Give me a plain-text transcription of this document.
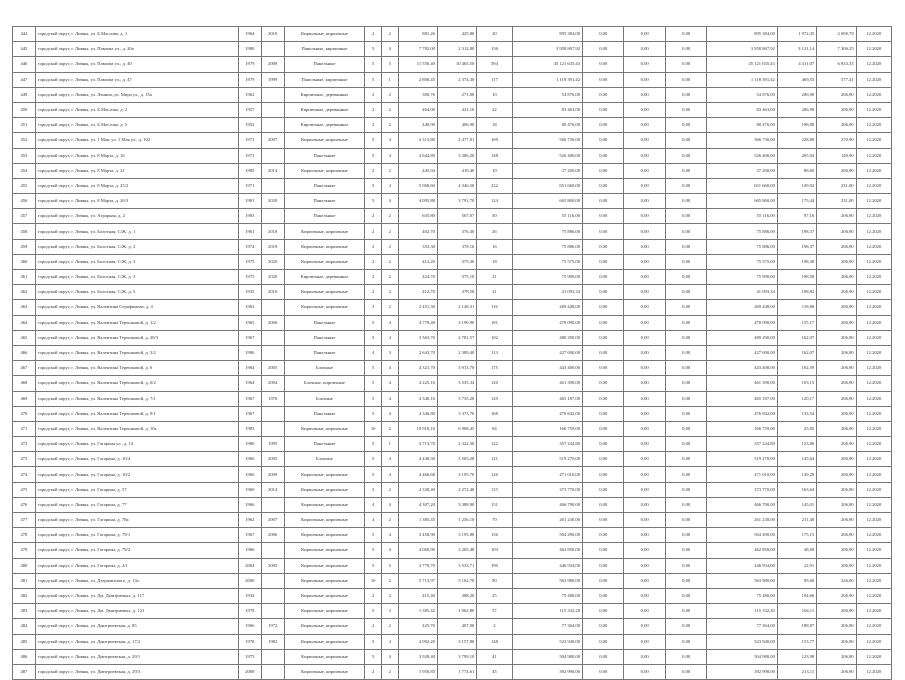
444	городской округ, г. Ливны, ул. Б.Маслова, д. 1	1964	2010	Кирпичные, кирпичные	2	2	881,26	425,80	20	895 384,00	0,00	0,00	0,00	895 384,00	1 972,45	2 690,78	12.2020
445	городской округ, г. Ливны, ул. Павлова ул., д. 20а	1980		Панельные, кирпичные	5	4	7 782,00	2 312,80	156	3 958 867,92	0,00	0,00	0,00	3 958 867,92	3 121,14	7 306,25	12.2020
446	городской округ, г. Ливны, ул. Павлова ул., д. 40	1979	2009	Панельные	5	5	11 550,40	10 465,50	394	45 121 635,43	0,00	0,00	0,00	45 121 635,43	4 411,07	6 833,35	12.2020
447	городской округ, г. Ливны, ул. Павлова ул., д. 47	1979	1999	Панельные, кирпичные	5	1	2 800,45	2 374,30	117	1 118 391,42	0,00	0,00	0,00	1 118 391,42	469,53	577,41	12.2020
449	городской округ, г. Ливны, ул. Ленина, ул. Мира ул., д. 35а	1962		Кирпичные, деревянные	2	2	300,76	271,00	10	54 876,00	0,00	0,00	0,00	54 876,00	206,90	206,90	12.2020
450	городской округ, г. Ливны, ул. Б.Маслова, д. 2	1957		Кирпичные, деревянные	2	2	464,00	421,10	22	83 463,00	0,00	0,00	0,00	83 463,00	206,90	206,90	12.2020
451	городской округ, г. Ливны, ул. Б.Маслова, д. 5	1952		Кирпичные, деревянные	2	2	448,90	406,90	18	80 476,00	0,00	0,00	0,00	80 476,00	198,08	206,90	12.2020
452	городской округ, г. Ливны, ул. 1 Мая, ул. 1 Мая ул., д. 102	1971	2007	Кирпичные, кирпичные	5	4	3 313,80	2 477,01	169	566 730,00	0,00	0,00	0,00	566 730,00	228,80	270,90	12.2020
453	городской округ, г. Ливны, ул. 8 Марта, д. 16	1971		Панельные	5	4	4 644,89	3 386,20	148	526 400,00	0,00	0,00	0,00	526 400,00	205,94	149,90	12.2020
454	городской округ, г. Ливны, ул. 8 Марта, д. 21	1985	2014	Кирпичные, кирпичные	2	2	445,94	419,40	19	37 200,00	0,00	0,00	0,00	37 200,00	88,60	206,90	12.2020
455	городской округ, г. Ливны, ул. 8 Марта, д. 25/2	1971		Панельные	5	4	5 068,60	4 346,50	222	651 660,00	0,00	0,00	0,00	651 660,00	149,92	231,00	12.2020
456	городской округ, г. Ливны, ул. 8 Марта, д. 26/3	1981	2020	Панельные	5	4	4 095,88	3 791,70	124	665 860,00	0,00	0,00	0,00	665 860,00	175,44	231,00	12.2020
457	городской округ, г. Ливны, ул. Аграрная, д. 2	1983		Панельные	2	2	635,80	567,07	30	55 116,00	0,00	0,00	0,00	55 116,00	97,16	206,90	12.2020
458	городской округ, г. Ливны, ул. Болотная, С/Ж, д. 1	1961	2018	Кирпичные, кирпичные	2	2	402,70	376,40	26	75 886,00	0,00	0,00	0,00	75 886,00	198,37	206,90	12.2020
459	городской округ, г. Ливны, ул. Болотная, С/Ж, д. 2	1974	2018	Кирпичные, кирпичные	2	2	353,30	378,16	16	75 886,00	0,00	0,00	0,00	75 886,00	198,37	206,90	12.2020
460	городской округ, г. Ливны, ул. Болотная, С/Ж, д. 3	1975	2020	Кирпичные, кирпичные	2	2	412,20	375,30	18	75 575,00	0,00	0,00	0,00	75 575,00	198,30	206,90	12.2020
461	городской округ, г. Ливны, ул. Болотная, С/Ж, д. 3	1975	2020	Кирпичные, деревянные	2	2	424,70	375,10	21	75 990,00	0,00	0,00	0,00	75 990,00	198,58	206,90	12.2020
462	городской округ, г. Ливны, ул. Болотная, С/Ж, д. 5	1935	2016	Кирпичные, кирпичные	2	2	412,70	378,58	21	41 093,34	0,00	0,00	0,00	41 093,34	108,82	206,90	12.2020
463	городской округ, г. Ливны, ул. Валентина Серафимова, д. 4	1963		Кирпичные, кирпичные	3	2	2 451,30	2 148,31	116	269 448,00	0,00	0,00	0,00	269 448,00	118,80	206,90	12.2020
464	городской округ, г. Ливны, ул. Валентина Терешковой, д. 1/2	1965	2006	Панельные	5	4	4 778,40	3 190,90	181	478 090,00	0,00	0,00	0,00	478 090,00	155,17	206,90	12.2020
465	городской округ, г. Ливны, ул. Валентина Терешковой, д. 28/3	1967		Панельные	5	4	3 563,70	2 781,57	102	480 290,00	0,00	0,00	0,00	480 290,00	162,07	206,90	12.2020
466	городской округ, г. Ливны, ул. Валентина Терешковой, д. 3/2	1986		Панельные	4	3	2 643,70	2 389,40	113	427 690,00	0,00	0,00	0,00	427 690,00	162,07	206,90	12.2020
467	городской округ, г. Ливны, ул. Валентина Терешковой, д. 6	1964	2005	Блочные	5	4	4 321,70	3 913,70	175	443 400,00	0,00	0,00	0,00	443 400,00	102,59	206,90	12.2020
468	городской округ, г. Ливны, ул. Валентина Терешковой, д. 6/2	1964	2004	Блочные, кирпичные	5	4	4 225,10	3 535,34	120	461 390,00	0,00	0,00	0,00	461 390,00	103,15	206,90	12.2020
469	городской округ, г. Ливны, ул. Валентина Терешковой, д. 7/1	1967	1976	Блочные	5	4	4 340,10	3 735,20	129	465 187,00	0,00	0,00	0,00	465 187,00	120,17	206,90	12.2020
470	городской округ, г. Ливны, ул. Валентина Терешковой, д. 9/1	1967		Панельные	5	4	4 346,80	3 373,70	168	476 842,00	0,00	0,00	0,00	476 842,00	133,54	206,90	12.2020
471	городской округ, г. Ливны, ул. Валентина Терешковой, д. 10а	1983		Кирпичные, кирпичные	10	2	10 918,10	6 968,45	84	166 759,00	0,00	0,00	0,00	166 759,00	25,85	206,90	12.2020
472	городской округ, г. Ливны, ул. Гагарина ул., д. 14	1980	1995	Панельные	5	1	3 713,70	2 322,30	122	357 244,80	0,00	0,00	0,00	357 244,80	153,86	206,90	12.2020
473	городской округ, г. Ливны, ул. Гагарина, д. 10/4	1966	2005	Блочные	5	4	4 448,30	3 565,28	121	519 270,00	0,00	0,00	0,00	519 270,00	145,64	206,90	12.2020
474	городской округ, г. Ливны, ул. Гагарина, д. 10/2	1966	2009	Кирпичные, кирпичные	5	4	4 466,68	3 195,70	126	471 010,00	0,00	0,00	0,00	471 010,00	149,29	206,90	12.2020
475	городской округ, г. Ливны, ул. Гагарина, д. 57	1960	2014	Кирпичные, кирпичные	3	2	2 338,40	2 272,40	115	373 770,00	0,00	0,00	0,00	373 770,00	163,64	206,90	12.2020
476	городской округ, г. Ливны, ул. Гагарина, д. 77	1966		Кирпичные, кирпичные	4	4	4 307,20	3 388,90	151	466 790,00	0,00	0,00	0,00	466 790,00	145,01	206,90	12.2020
477	городской округ, г. Ливны, ул. Гагарина, д. 78а	1962	2007	Кирпичные, кирпичные	4	2	1 385,45	1 256,10	70	261 230,00	0,00	0,00	0,00	261 230,00	211,40	206,90	12.2020
478	городской округ, г. Ливны, ул. Гагарина, д. 79/1	1967	2006	Кирпичные, кирпичные	5	4	3 458,90	3 195,80	156	504 490,00	0,00	0,00	0,00	504 490,00	175,15	206,90	12.2020
479	городской округ, г. Ливны, ул. Гагарина, д. 79/2	1966		Кирпичные, кирпичные	5	4	4 060,90	3 205,48	103	462 850,00	0,00	0,00	0,00	462 850,00	48,00	206,90	12.2020
480	городской округ, г. Ливны, ул. Гагарина, д. 4/1	2004	2005	Кирпичные, кирпичные	5	5	3 779,70	3 533,71	190	446 934,00	0,00	0,00	0,00	446 934,00	22,91	206,90	12.2020
481	городской округ, г. Ливны, ул. Дзержинского, д. 13а	2000		Кирпичные, кирпичные	10	2	5 713,97	5 162,70	90	563 980,00	0,00	0,00	0,00	563 980,00	85,60	226,00	12.2020
482	городской округ, г. Ливны, ул. Дм. Дмитриевых, д. 117	1934		Кирпичные, кирпичные	2	2	415,40	388,20	25	75 480,00	0,00	0,00	0,00	75 480,00	194,66	206,90	12.2020
483	городской округ, г. Ливны, ул. Дм. Дмитриевых, д. 121	1978		Кирпичные, кирпичные	5	3	1 385,42	1 062,80	57	115 332,20	0,00	0,00	0,00	115 332,20	104,11	206,90	12.2020
484	городской округ, г. Ливны, ул. Дмитриевская, д. 85	1966	1972	Кирпичные, кирпичные	2	2	425,70	407,00	2	77 364,00	0,00	0,00	0,00	77 364,00	188,87	206,90	12.2020
485	городской округ, г. Ливны, ул. Дмитриевская, д. 17/2	1978	1982	Кирпичные, кирпичные	5	4	4 092,20	3 157,80	148	523 940,00	0,00	0,00	0,00	523 940,00	153,77	206,90	12.2020
486	городской округ, г. Ливны, ул. Дмитриевская, д. 29/1	1975		Кирпичные, кирпичные	5	4	3 928,40	3 799,10	41	504 980,00	0,00	0,00	0,00	504 980,00	123,98	206,90	12.2020
487	городской округ, г. Ливны, ул. Дмитриевская, д. 29/3	2008		Кирпичные, кирпичные	2	2	1 950,85	1 774,61	45	392 990,00	0,00	0,00	0,00	392 990,00	213,11	206,90	12.2020
